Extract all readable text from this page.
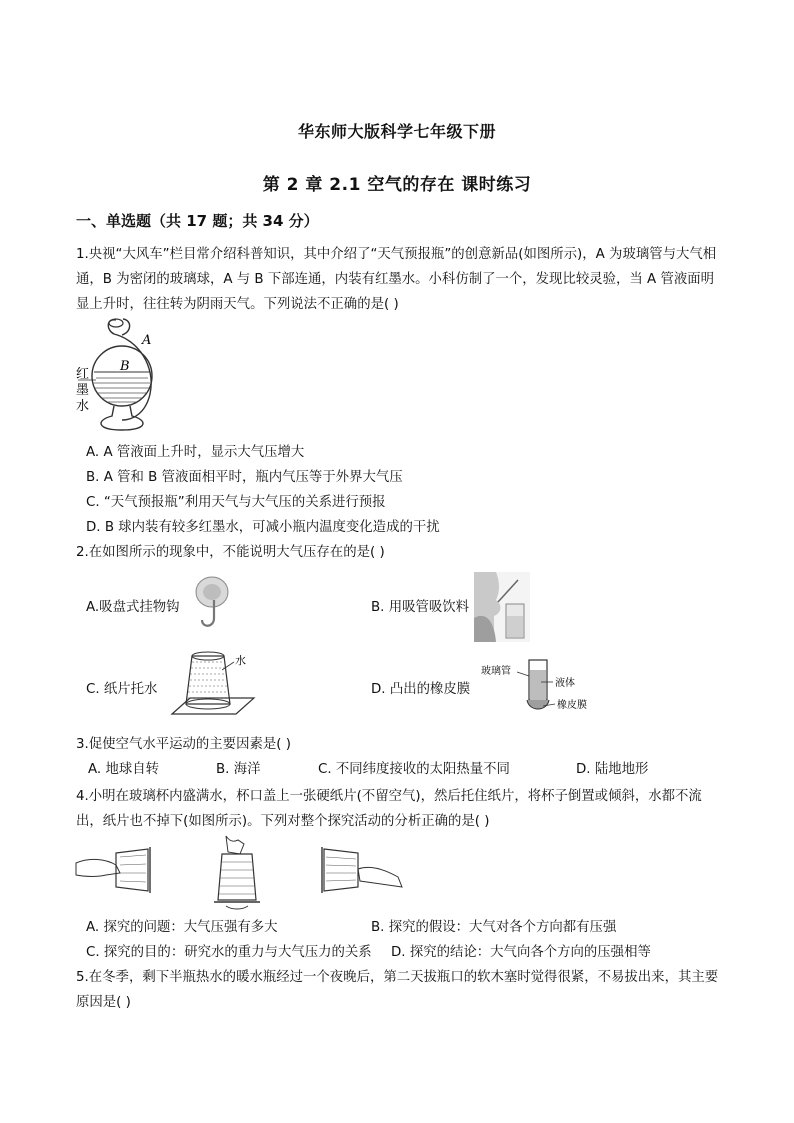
华东师大版科学七年级下册
第 2 章 2.1 空气的存在 课时练习
一、单选题（共 17 题；共 34 分）
1.央视“大风车”栏目常介绍科普知识，其中介绍了“天气预报瓶”的创意新品(如图所示)，A 为玻璃管与大气相通，B 为密闭的玻璃球，A 与 B 下部连通，内装有红墨水。小科仿制了一个，发现比较灵验，当 A 管液面明显上升时，往往转为阴雨天气。下列说法不正确的是( )
A
B
红
墨
水
A. A 管液面上升时，显示大气压增大
B. A 管和 B 管液面相平时，瓶内气压等于外界大气压
C. “天气预报瓶”利用天气与大气压的关系进行预报
D. B 球内装有较多红墨水，可减小瓶内温度变化造成的干扰
2.在如图所示的现象中，不能说明大气压存在的是( )
A.吸盘式挂物钩	B. 用吸管吸饮料
C. 纸片托水
水
D. 凸出的橡皮膜
玻璃管
液体
橡皮膜
3.促使空气水平运动的主要因素是( )
A. 地球自转	B. 海洋	C. 不同纬度接收的太阳热量不同	D. 陆地地形
4.小明在玻璃杯内盛满水，杯口盖上一张硬纸片(不留空气)，然后托住纸片，将杯子倒置或倾斜，水都不流出，纸片也不掉下(如图所示)。下列对整个探究活动的分析正确的是( )
A. 探究的问题：大气压强有多大	B. 探究的假设：大气对各个方向都有压强
C. 探究的目的：研究水的重力与大气压力的关系 D. 探究的结论：大气向各个方向的压强相等
5.在冬季，剩下半瓶热水的暖水瓶经过一个夜晚后，第二天拔瓶口的软木塞时觉得很紧，不易拔出来，其主要原因是( )
